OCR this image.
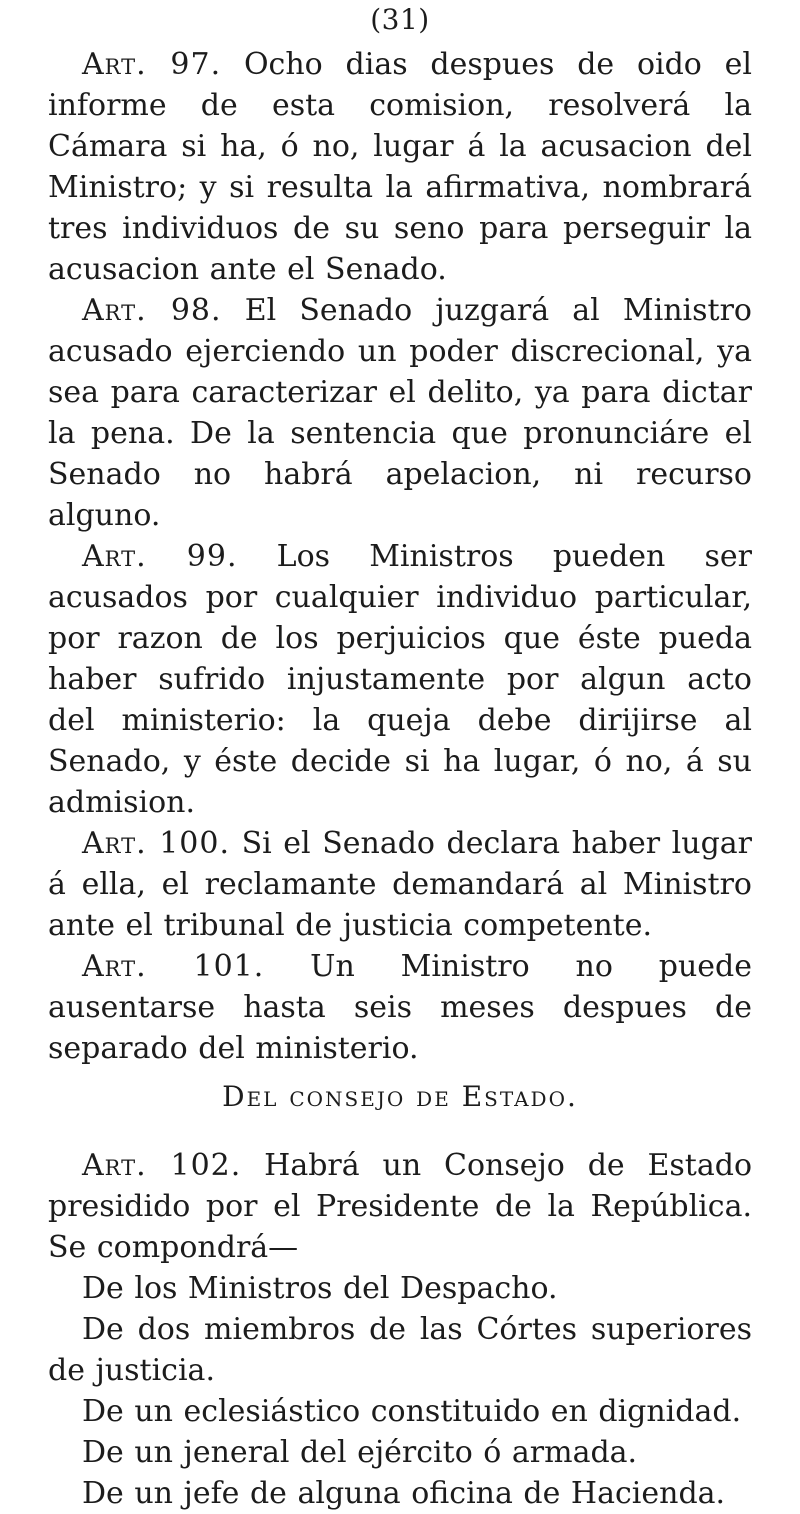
(31)

Art. 97. Ocho dias despues de oido el informe de esta comision, resolverá la Cámara si ha, ó no, lugar á la acusacion del Ministro; y si resulta la afirmativa, nombrará tres individuos de su seno para perseguir la acusacion ante el Senado.

Art. 98. El Senado juzgará al Ministro acusado ejerciendo un poder discrecional, ya sea para caracterizar el delito, ya para dictar la pena. De la sentencia que pronunciáre el Senado no habrá apelacion, ni recurso alguno.

Art. 99. Los Ministros pueden ser acusados por cualquier individuo particular, por razon de los perjuicios que éste pueda haber sufrido injustamente por algun acto del ministerio: la queja debe dirijirse al Senado, y éste decide si ha lugar, ó no, á su admision.

Art. 100. Si el Senado declara haber lugar á ella, el reclamante demandará al Ministro ante el tribunal de justicia competente.

Art. 101. Un Ministro no puede ausentarse hasta seis meses despues de separado del ministerio.

Del consejo de Estado.

Art. 102. Habrá un Consejo de Estado presidido por el Presidente de la República. Se compondrá—

De los Ministros del Despacho.

De dos miembros de las Córtes superiores de justicia.

De un eclesiástico constituido en dignidad.

De un jeneral del ejército ó armada.

De un jefe de alguna oficina de Hacienda.
